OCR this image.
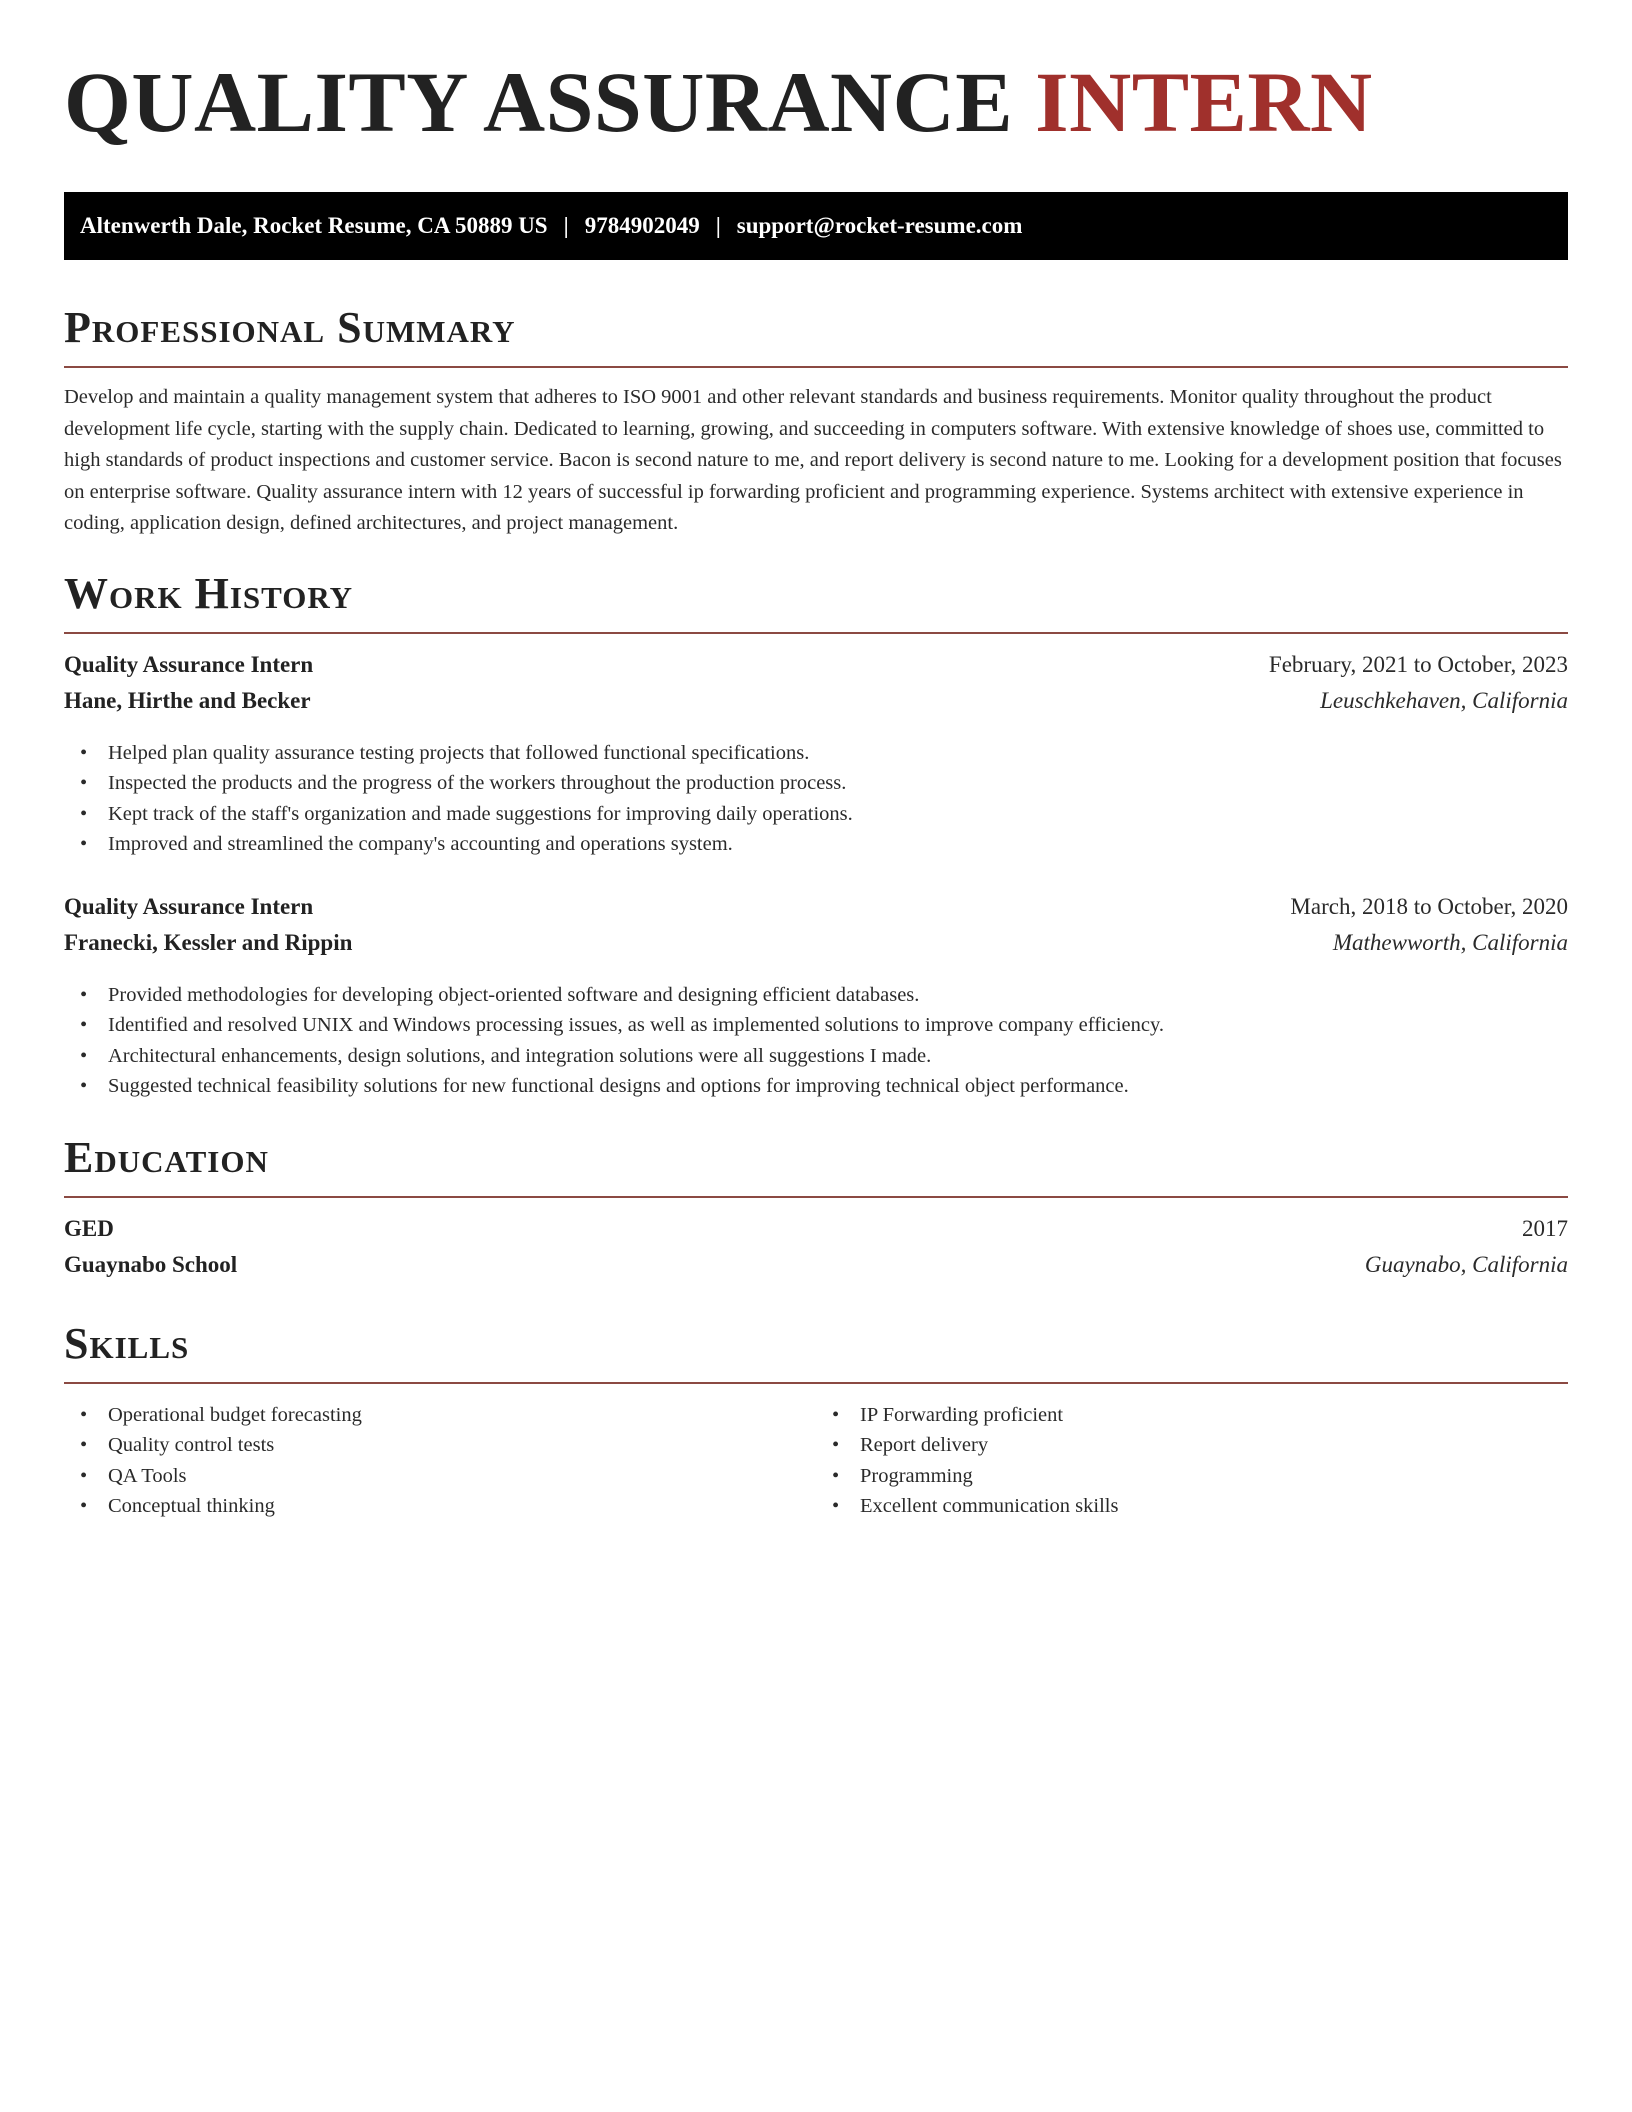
QUALITY ASSURANCE INTERN
Altenwerth Dale, Rocket Resume, CA 50889 US | 9784902049 | support@rocket-resume.com
Professional Summary

Develop and maintain a quality management system that adheres to ISO 9001 and other relevant standards and business requirements. Monitor quality throughout the product development life cycle, starting with the supply chain. Dedicated to learning, growing, and succeeding in computers software. With extensive knowledge of shoes use, committed to high standards of product inspections and customer service. Bacon is second nature to me, and report delivery is second nature to me. Looking for a development position that focuses on enterprise software. Quality assurance intern with 12 years of successful ip forwarding proficient and programming experience. Systems architect with extensive experience in coding, application design, defined architectures, and project management.

Work History
Quality Assurance Intern	February, 2021 to October, 2023
Hane, Hirthe and Becker	Leuschkehaven, California
• Helped plan quality assurance testing projects that followed functional specifications.
• Inspected the products and the progress of the workers throughout the production process.
• Kept track of the staff's organization and made suggestions for improving daily operations.
• Improved and streamlined the company's accounting and operations system.
Quality Assurance Intern	March, 2018 to October, 2020
Franecki, Kessler and Rippin	Mathewworth, California
• Provided methodologies for developing object-oriented software and designing efficient databases.
• Identified and resolved UNIX and Windows processing issues, as well as implemented solutions to improve company efficiency.
• Architectural enhancements, design solutions, and integration solutions were all suggestions I made.
• Suggested technical feasibility solutions for new functional designs and options for improving technical object performance.
Education
GED	2017
Guaynabo School	Guaynabo, California
Skills
• Operational budget forecasting
• Quality control tests
• QA Tools
• Conceptual thinking
• IP Forwarding proficient
• Report delivery
• Programming
• Excellent communication skills
